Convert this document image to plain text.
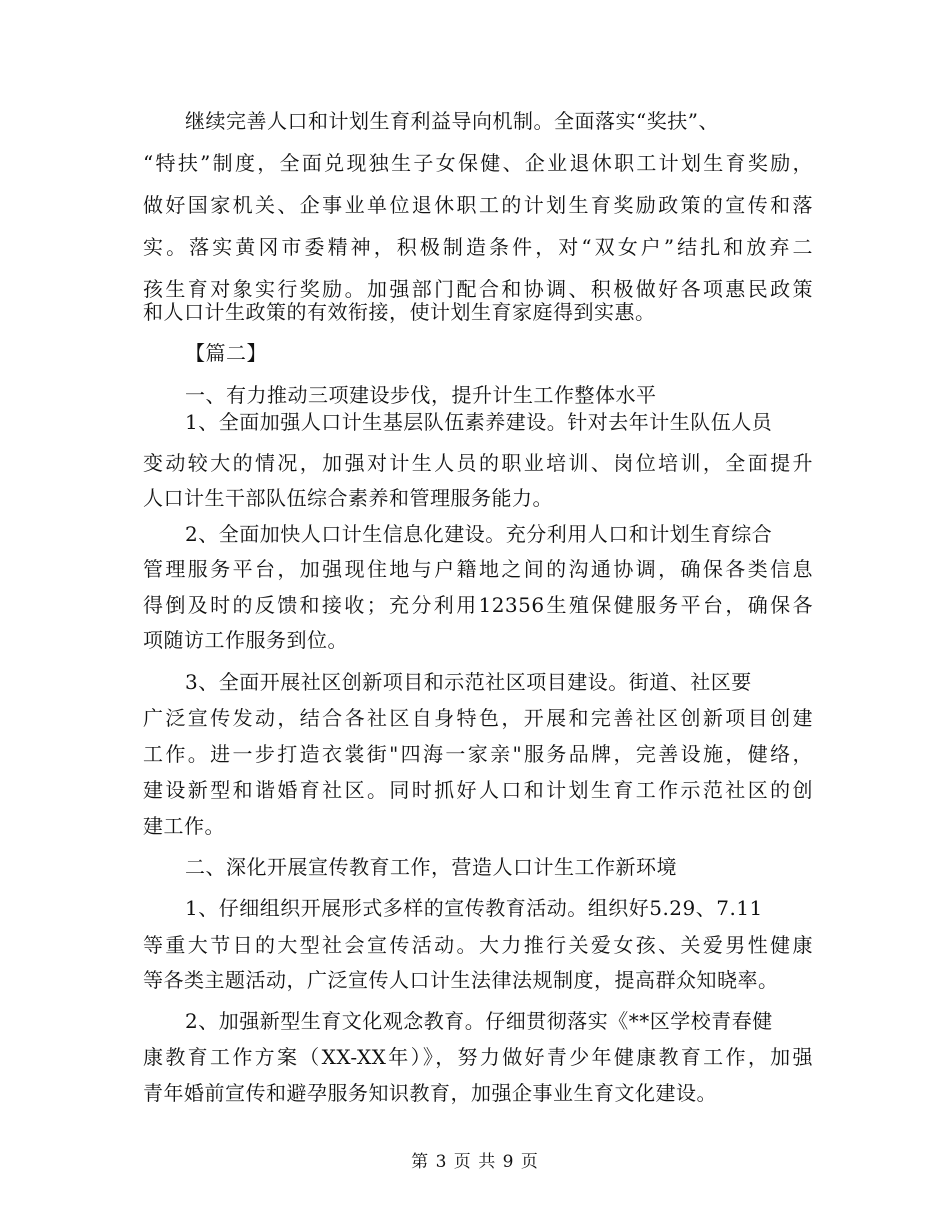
继续完善人口和计划生育利益导向机制。全面落实“奖扶”、
“特扶”制度，全面兑现独生子女保健、企业退休职工计划生育奖励，
做好国家机关、企事业单位退休职工的计划生育奖励政策的宣传和落
实。落实黄冈市委精神，积极制造条件，对“双女户”结扎和放弃二
孩生育对象实行奖励。加强部门配合和协调、积极做好各项惠民政策
和人口计生政策的有效衔接，使计划生育家庭得到实惠。
【篇二】
一、有力推动三项建设步伐，提升计生工作整体水平
1、全面加强人口计生基层队伍素养建设。针对去年计生队伍人员
变动较大的情况，加强对计生人员的职业培训、岗位培训，全面提升
人口计生干部队伍综合素养和管理服务能力。
2、全面加快人口计生信息化建设。充分利用人口和计划生育综合
管理服务平台，加强现住地与户籍地之间的沟通协调，确保各类信息
得倒及时的反馈和接收；充分利用12356生殖保健服务平台，确保各
项随访工作服务到位。
3、全面开展社区创新项目和示范社区项目建设。街道、社区要
广泛宣传发动，结合各社区自身特色，开展和完善社区创新项目创建
工作。进一步打造衣裳街"四海一家亲"服务品牌，完善设施，健络，
建设新型和谐婚育社区。同时抓好人口和计划生育工作示范社区的创
建工作。
二、深化开展宣传教育工作，营造人口计生工作新环境
1、仔细组织开展形式多样的宣传教育活动。组织好5.29、7.11
等重大节日的大型社会宣传活动。大力推行关爱女孩、关爱男性健康
等各类主题活动，广泛宣传人口计生法律法规制度，提高群众知晓率。
2、加强新型生育文化观念教育。仔细贯彻落实《**区学校青春健
康教育工作方案（XX-XX年）》，努力做好青少年健康教育工作，加强
青年婚前宣传和避孕服务知识教育，加强企事业生育文化建设。
第 3 页 共 9 页
